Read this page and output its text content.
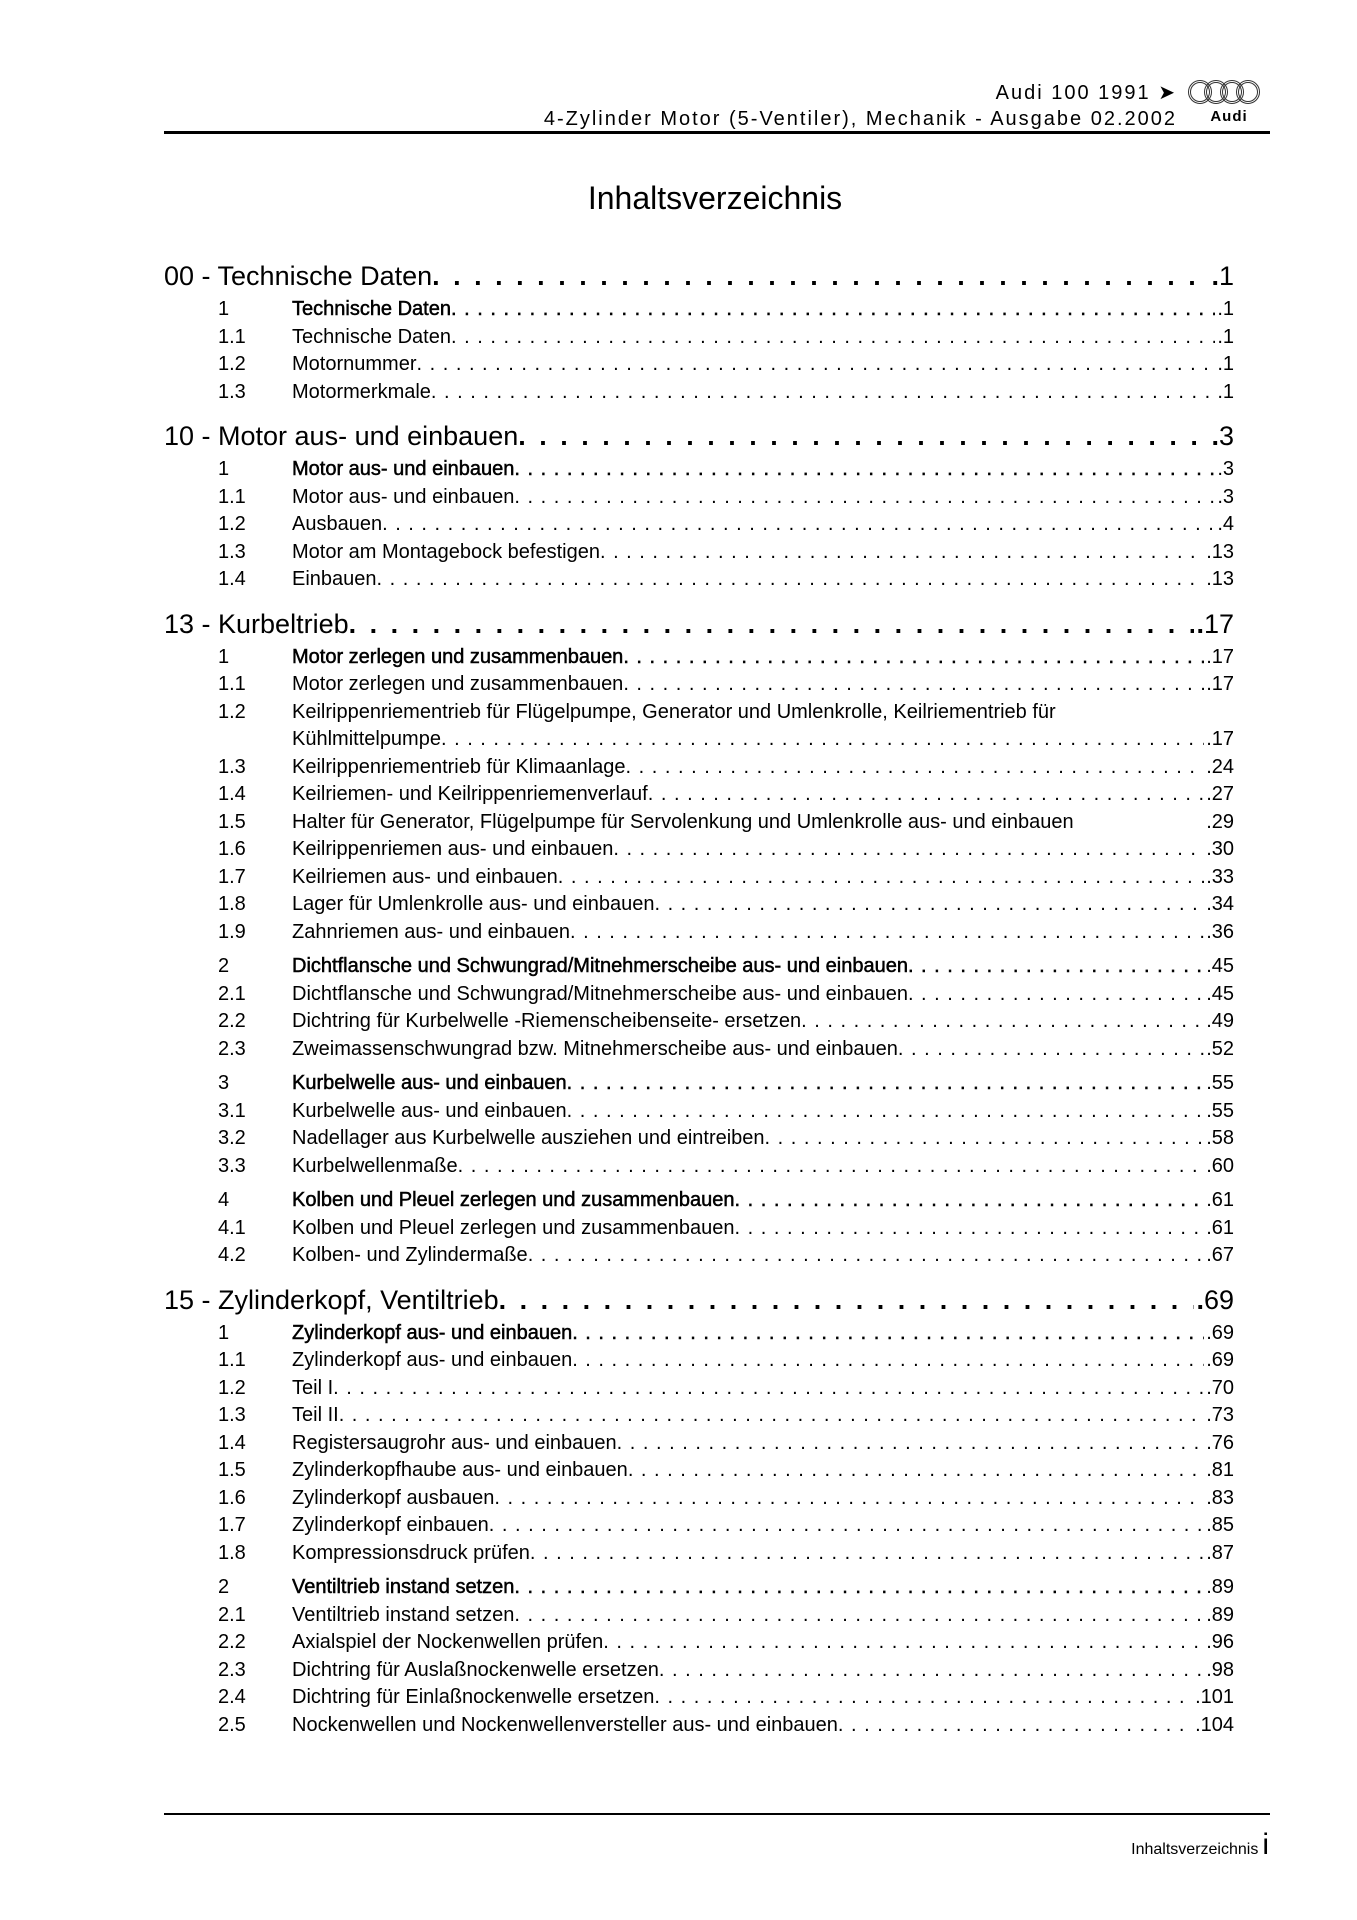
Audi 100 1991 ➤
4-Zylinder Motor (5-Ventiler), Mechanik - Ausgabe 02.2002	Audi
Inhaltsverzeichnis
00 - Technische Daten . . .	. 1
1	Technische Daten . . .	. 1
1.1	Technische Daten . . .	. 1
1.2	Motornummer . . .	. 1
1.3	Motormerkmale . . .	. 1
10 - Motor aus- und einbauen . . .	. 3
1	Motor aus- und einbauen . . .	. 3
1.1	Motor aus- und einbauen . . .	. 3
1.2	Ausbauen . . .	. 4
1.3	Motor am Montagebock befestigen . . .	. 13
1.4	Einbauen . . .	. 13
13 - Kurbeltrieb . . .	. 17
1	Motor zerlegen und zusammenbauen . . .	. 17
1.1	Motor zerlegen und zusammenbauen . . .	. 17
1.2	Keilrippenriementrieb für Flügelpumpe, Generator und Umlenkrolle, Keilriementrieb für
Kühlmittelpumpe . . .	. 17
1.3	Keilrippenriementrieb für Klimaanlage . . .	. 24
1.4	Keilriemen- und Keilrippenriemenverlauf . . .	. 27
1.5	Halter für Generator, Flügelpumpe für Servolenkung und Umlenkrolle aus- und einbauen . . .	. 29
1.6	Keilrippenriemen aus- und einbauen . . .	. 30
1.7	Keilriemen aus- und einbauen . . .	. 33
1.8	Lager für Umlenkrolle aus- und einbauen . . .	. 34
1.9	Zahnriemen aus- und einbauen . . .	. 36
2	Dichtflansche und Schwungrad/Mitnehmerscheibe aus- und einbauen . . .	. 45
2.1	Dichtflansche und Schwungrad/Mitnehmerscheibe aus- und einbauen . . .	. 45
2.2	Dichtring für Kurbelwelle -Riemenscheibenseite- ersetzen . . .	. 49
2.3	Zweimassenschwungrad bzw. Mitnehmerscheibe aus- und einbauen . . .	. 52
3	Kurbelwelle aus- und einbauen . . .	. 55
3.1	Kurbelwelle aus- und einbauen . . .	. 55
3.2	Nadellager aus Kurbelwelle ausziehen und eintreiben . . .	. 58
3.3	Kurbelwellenmaße . . .	. 60
4	Kolben und Pleuel zerlegen und zusammenbauen . . .	. 61
4.1	Kolben und Pleuel zerlegen und zusammenbauen . . .	. 61
4.2	Kolben- und Zylindermaße . . .	. 67
15 - Zylinderkopf, Ventiltrieb . . .	. 69
1	Zylinderkopf aus- und einbauen . . .	. 69
1.1	Zylinderkopf aus- und einbauen . . .	. 69
1.2	Teil I . . .	. 70
1.3	Teil II . . .	. 73
1.4	Registersaugrohr aus- und einbauen . . .	. 76
1.5	Zylinderkopfhaube aus- und einbauen . . .	. 81
1.6	Zylinderkopf ausbauen . . .	. 83
1.7	Zylinderkopf einbauen . . .	. 85
1.8	Kompressionsdruck prüfen . . .	. 87
2	Ventiltrieb instand setzen . . .	. 89
2.1	Ventiltrieb instand setzen . . .	. 89
2.2	Axialspiel der Nockenwellen prüfen . . .	. 96
2.3	Dichtring für Auslaßnockenwelle ersetzen . . .	. 98
2.4	Dichtring für Einlaßnockenwelle ersetzen . . .	. 101
2.5	Nockenwellen und Nockenwellenversteller aus- und einbauen . . .	. 104
Inhaltsverzeichnis i
